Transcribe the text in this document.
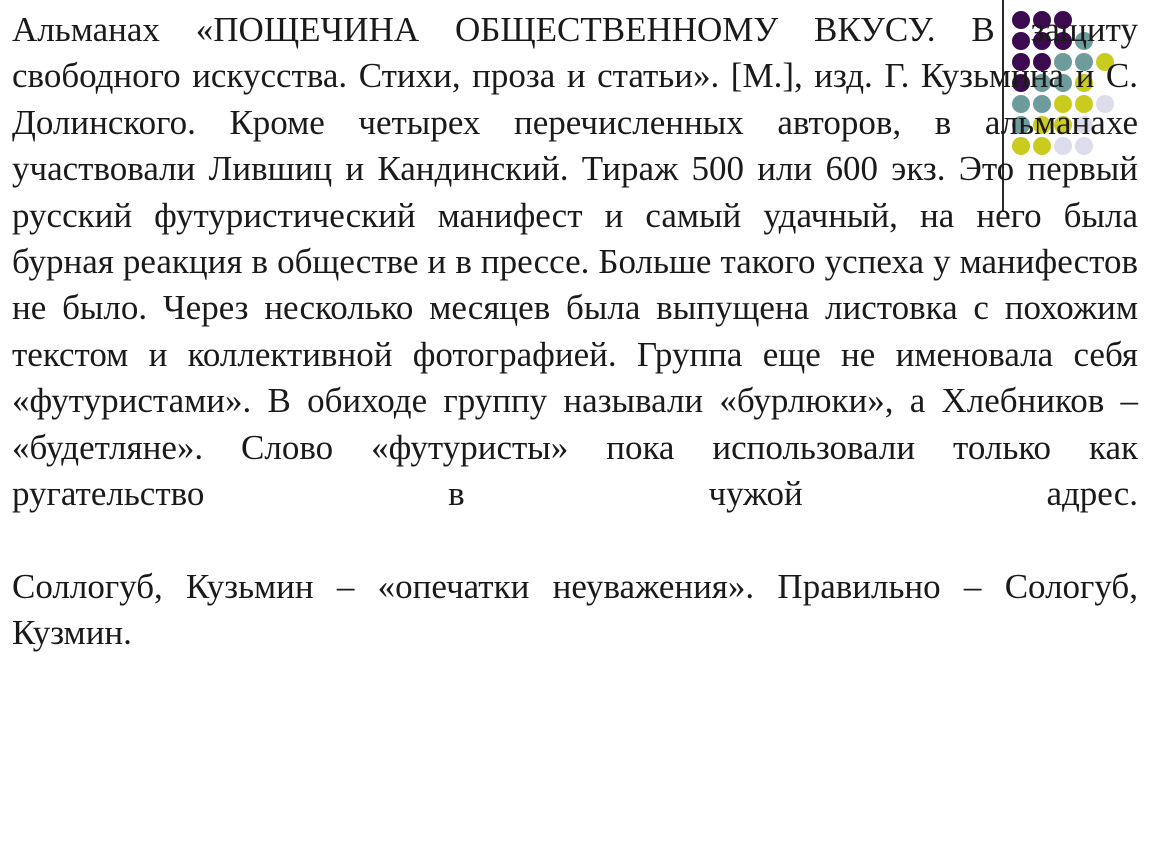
Альманах «ПОЩЕЧИНА ОБЩЕСТВЕННОМУ ВКУСУ. В защиту свободного искусства. Стихи, проза и статьи». [М.], изд. Г. Кузьмина и С. Долинского. Кроме четырех перечисленных авторов, в альманахе участвовали Лившиц и Кандинский. Тираж 500 или 600 экз. Это первый русский футуристический манифест и самый удачный, на него была бурная реакция в обществе и в прессе. Больше такого успеха у манифестов не было. Через несколько месяцев была выпущена листовка с похожим текстом и коллективной фотографией. Группа еще не именовала себя «футуристами». В обиходе группу называли «бурлюки», а Хлебников – «будетляне». Слово «футуристы» пока использовали только как ругательство в чужой адрес.

Соллогуб, Кузьмин – «опечатки неуважения». Правильно – Сологуб, Кузмин.
